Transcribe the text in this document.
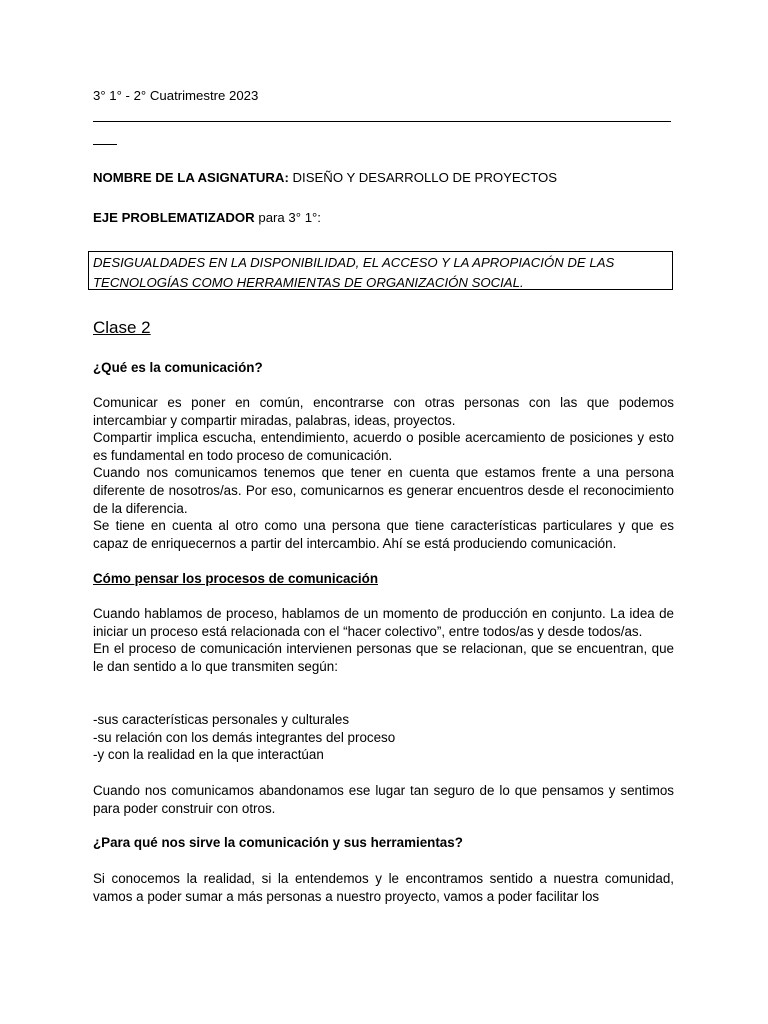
3° 1° - 2° Cuatrimestre 2023
NOMBRE DE LA ASIGNATURA: DISEÑO Y DESARROLLO DE PROYECTOS
EJE PROBLEMATIZADOR para 3° 1°:
DESIGUALDADES EN LA DISPONIBILIDAD, EL ACCESO Y LA APROPIACIÓN DE LAS
TECNOLOGÍAS COMO HERRAMIENTAS DE ORGANIZACIÓN SOCIAL.
Clase 2
¿Qué es la comunicación?

Comunicar es poner en común, encontrarse con otras personas con las que podemos intercambiar y compartir miradas, palabras, ideas, proyectos.

Compartir implica escucha, entendimiento, acuerdo o posible acercamiento de posiciones y esto es fundamental en todo proceso de comunicación.

Cuando nos comunicamos tenemos que tener en cuenta que estamos frente a una persona diferente de nosotros/as. Por eso, comunicarnos es generar encuentros desde el reconocimiento de la diferencia.

Se tiene en cuenta al otro como una persona que tiene características particulares y que es capaz de enriquecernos a partir del intercambio. Ahí se está produciendo comunicación.

Cómo pensar los procesos de comunicación

Cuando hablamos de proceso, hablamos de un momento de producción en conjunto. La idea de iniciar un proceso está relacionada con el “hacer colectivo”, entre todos/as y desde todos/as.

En el proceso de comunicación intervienen personas que se relacionan, que se encuentran, que le dan sentido a lo que transmiten según:

-sus características personales y culturales
-su relación con los demás integrantes del proceso
-y con la realidad en la que interactúan

Cuando nos comunicamos abandonamos ese lugar tan seguro de lo que pensamos y sentimos para poder construir con otros.

¿Para qué nos sirve la comunicación y sus herramientas?

Si conocemos la realidad, si la entendemos y le encontramos sentido a nuestra comunidad, vamos a poder sumar a más personas a nuestro proyecto, vamos a poder facilitar los
